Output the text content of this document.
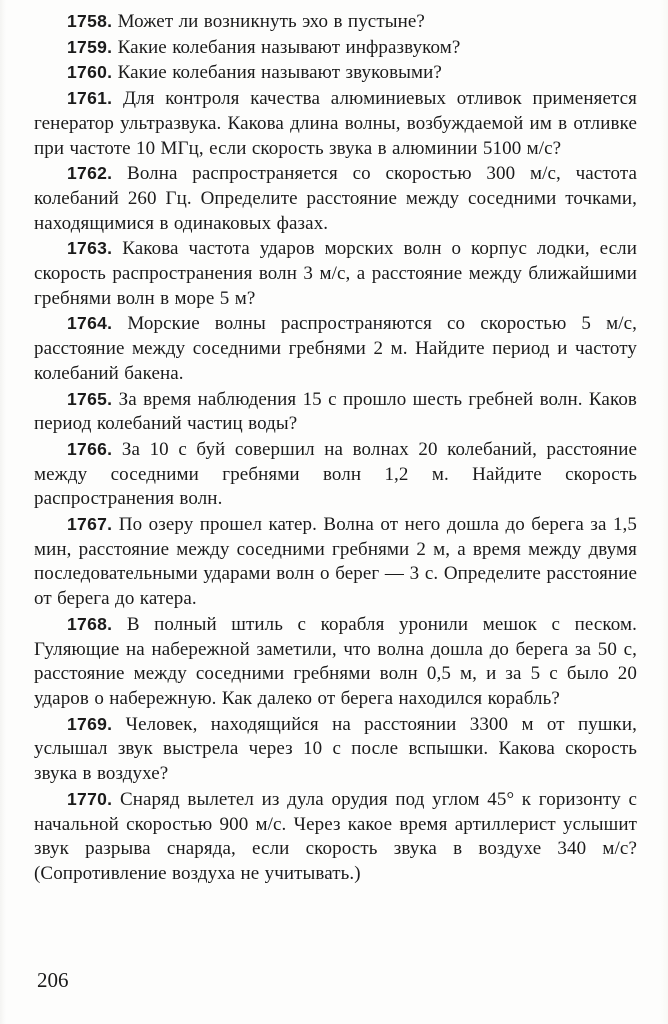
1758. Может ли возникнуть эхо в пустыне?

1759. Какие колебания называют инфразвуком?

1760. Какие колебания называют звуковыми?

1761. Для контроля качества алюминиевых отливок применяется генератор ультразвука. Какова длина волны, возбуждаемой им в отливке при частоте 10 МГц, если скорость звука в алюминии 5100 м/с?

1762. Волна распространяется со скоростью 300 м/с, частота колебаний 260 Гц. Определите расстояние между соседними точками, находящимися в одинаковых фазах.

1763. Какова частота ударов морских волн о корпус лодки, если скорость распространения волн 3 м/с, а расстояние между ближайшими гребнями волн в море 5 м?

1764. Морские волны распространяются со скоростью 5 м/с, расстояние между соседними гребнями 2 м. Найдите период и частоту колебаний бакена.

1765. За время наблюдения 15 с прошло шесть гребней волн. Каков период колебаний частиц воды?

1766. За 10 с буй совершил на волнах 20 колебаний, расстояние между соседними гребнями волн 1,2 м. Найдите скорость распространения волн.

1767. По озеру прошел катер. Волна от него дошла до берега за 1,5 мин, расстояние между соседними гребнями 2 м, а время между двумя последовательными ударами волн о берег — 3 с. Определите расстояние от берега до катера.

1768. В полный штиль с корабля уронили мешок с песком. Гуляющие на набережной заметили, что волна дошла до берега за 50 с, расстояние между соседними гребнями волн 0,5 м, и за 5 с было 20 ударов о набережную. Как далеко от берега находился корабль?

1769. Человек, находящийся на расстоянии 3300 м от пушки, услышал звук выстрела через 10 с после вспышки. Какова скорость звука в воздухе?

1770. Снаряд вылетел из дула орудия под углом 45° к горизонту с начальной скоростью 900 м/с. Через какое время артиллерист услышит звук разрыва снаряда, если скорость звука в воздухе 340 м/с? (Сопротивление воздуха не учитывать.)

206
